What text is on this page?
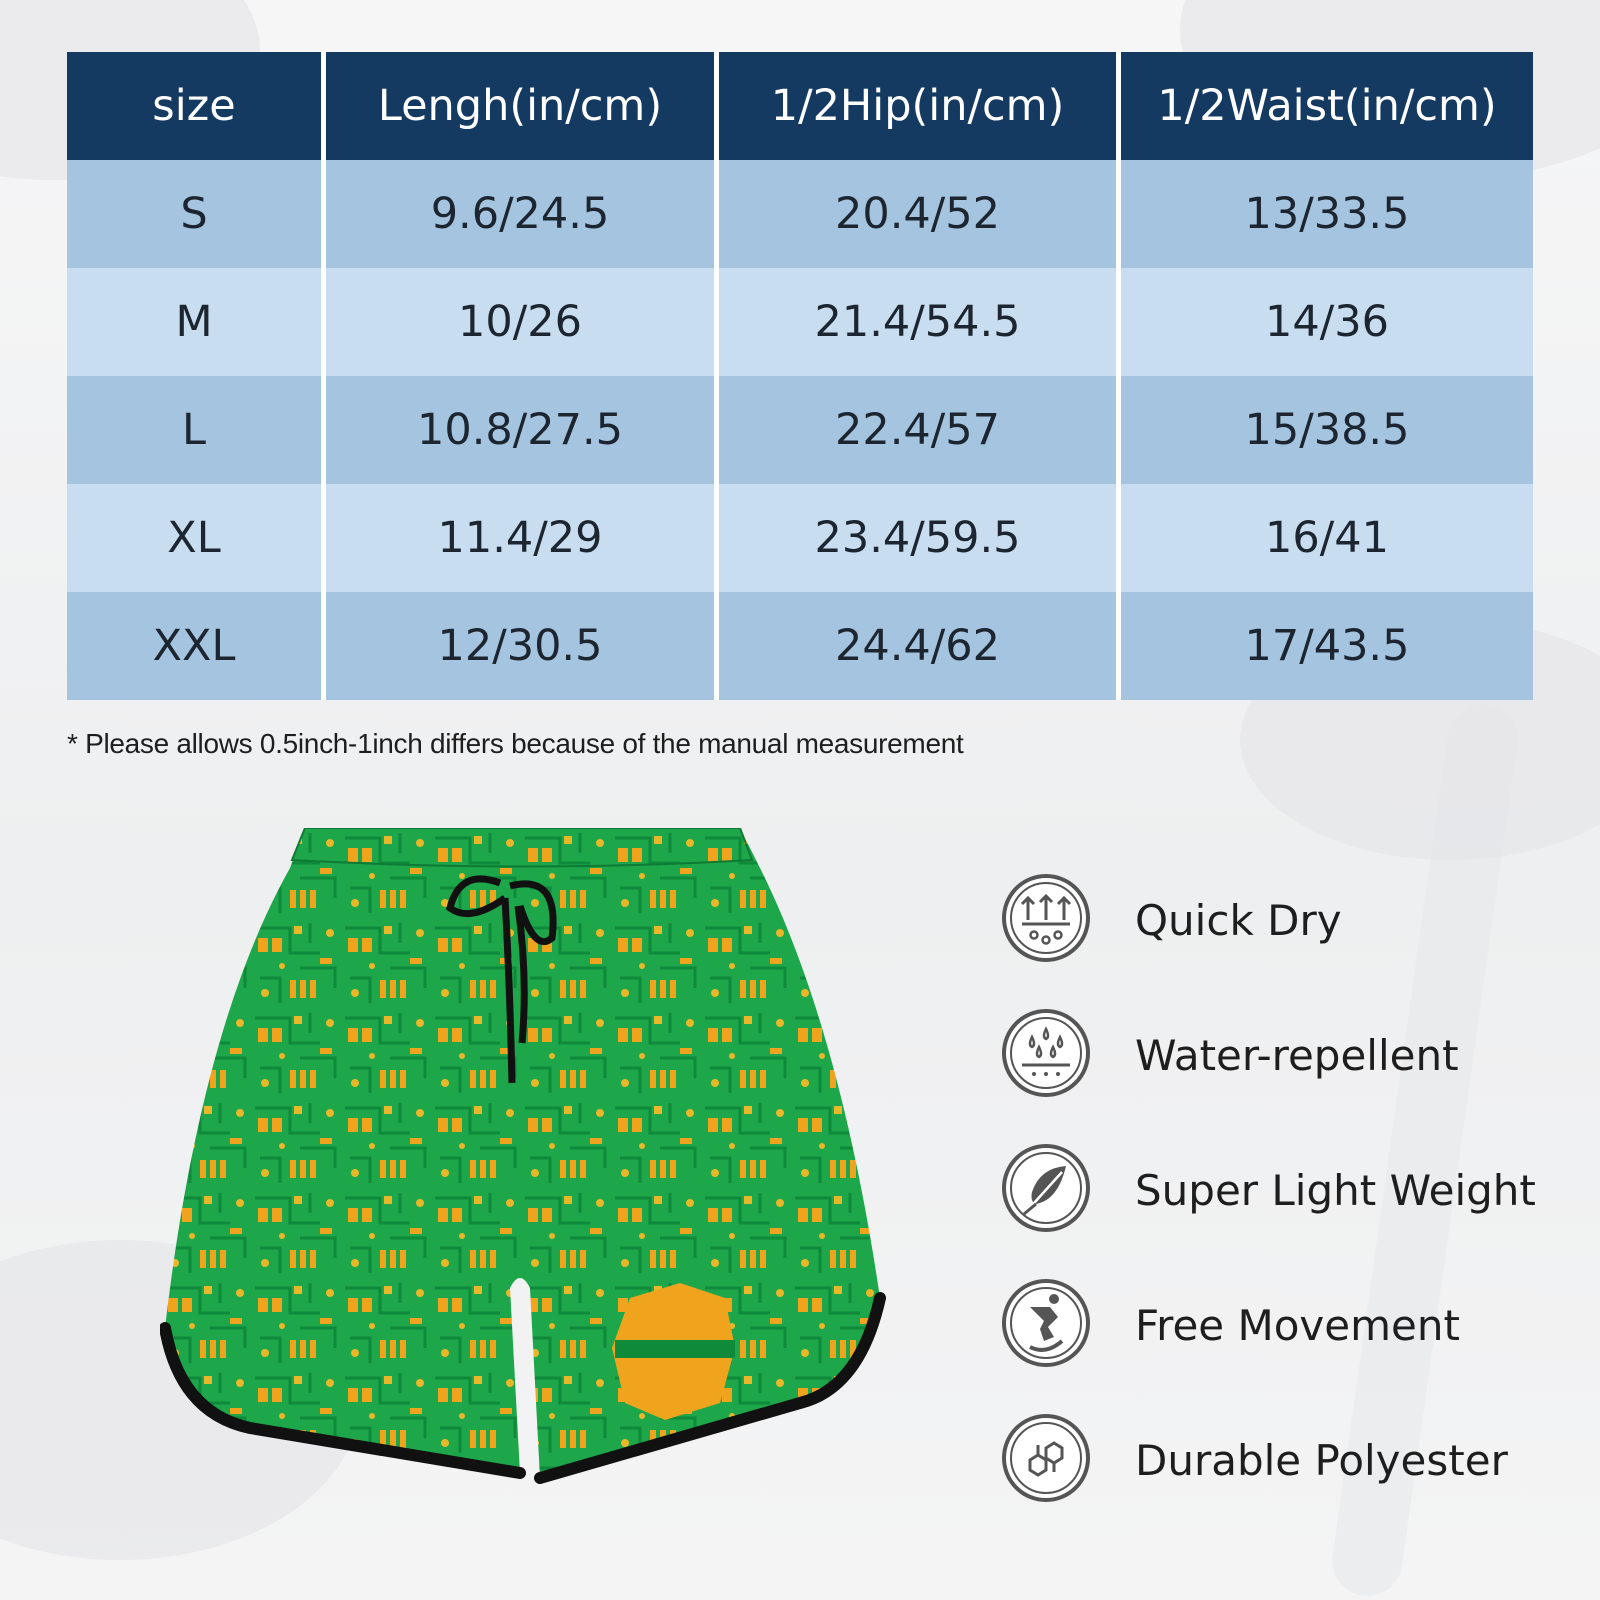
size	Lengh(in/cm)	1/2Hip(in/cm)	1/2Waist(in/cm)
S	9.6/24.5	20.4/52	13/33.5
M	10/26	21.4/54.5	14/36
L	10.8/27.5	22.4/57	15/38.5
XL	11.4/29	23.4/59.5	16/41
XXL	12/30.5	24.4/62	17/43.5
* Please allows 0.5inch-1inch differs because of the manual measurement
Quick Dry
Water-repellent
Super Light Weight
Free Movement
Durable Polyester
